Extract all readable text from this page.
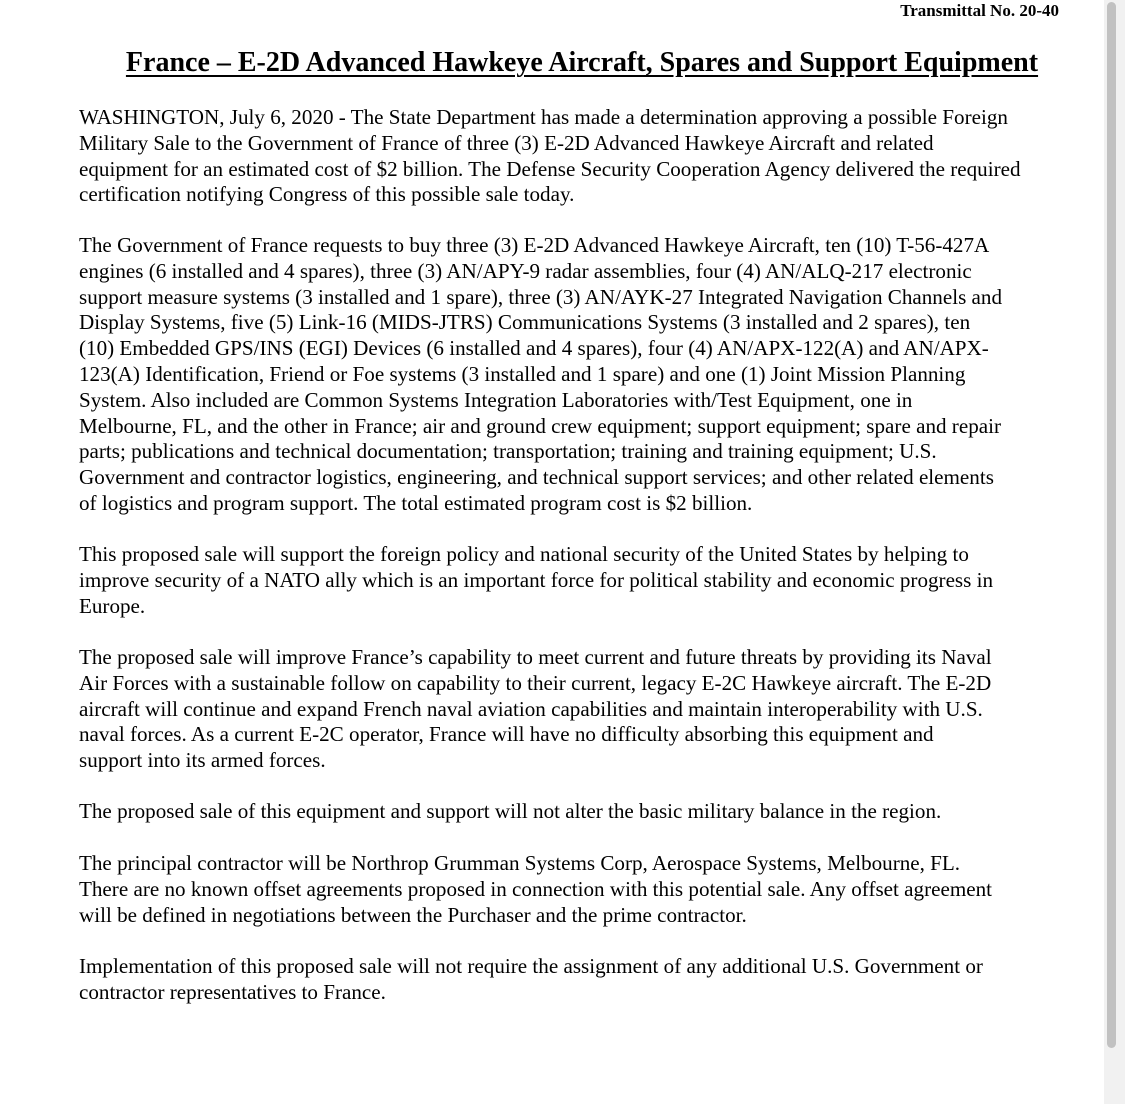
Transmittal No. 20-40
France – E-2D Advanced Hawkeye Aircraft, Spares and Support Equipment

WASHINGTON, July 6, 2020 - The State Department has made a determination approving a possible Foreign
Military Sale to the Government of France of three (3) E-2D Advanced Hawkeye Aircraft and related
equipment for an estimated cost of $2 billion. The Defense Security Cooperation Agency delivered the required
certification notifying Congress of this possible sale today.

The Government of France requests to buy three (3) E-2D Advanced Hawkeye Aircraft, ten (10) T-56-427A
engines (6 installed and 4 spares), three (3) AN/APY-9 radar assemblies, four (4) AN/ALQ-217 electronic
support measure systems (3 installed and 1 spare), three (3) AN/AYK-27 Integrated Navigation Channels and
Display Systems, five (5) Link-16 (MIDS-JTRS) Communications Systems (3 installed and 2 spares), ten
(10) Embedded GPS/INS (EGI) Devices (6 installed and 4 spares), four (4) AN/APX-122(A) and AN/APX-
123(A) Identification, Friend or Foe systems (3 installed and 1 spare) and one (1) Joint Mission Planning
System. Also included are Common Systems Integration Laboratories with/Test Equipment, one in
Melbourne, FL, and the other in France; air and ground crew equipment; support equipment; spare and repair
parts; publications and technical documentation; transportation; training and training equipment; U.S.
Government and contractor logistics, engineering, and technical support services; and other related elements
of logistics and program support. The total estimated program cost is $2 billion.

This proposed sale will support the foreign policy and national security of the United States by helping to
improve security of a NATO ally which is an important force for political stability and economic progress in
Europe.

The proposed sale will improve France’s capability to meet current and future threats by providing its Naval
Air Forces with a sustainable follow on capability to their current, legacy E-2C Hawkeye aircraft. The E-2D
aircraft will continue and expand French naval aviation capabilities and maintain interoperability with U.S.
naval forces. As a current E-2C operator, France will have no difficulty absorbing this equipment and
support into its armed forces.

The proposed sale of this equipment and support will not alter the basic military balance in the region.

The principal contractor will be Northrop Grumman Systems Corp, Aerospace Systems, Melbourne, FL.
There are no known offset agreements proposed in connection with this potential sale. Any offset agreement
will be defined in negotiations between the Purchaser and the prime contractor.

Implementation of this proposed sale will not require the assignment of any additional U.S. Government or
contractor representatives to France.
